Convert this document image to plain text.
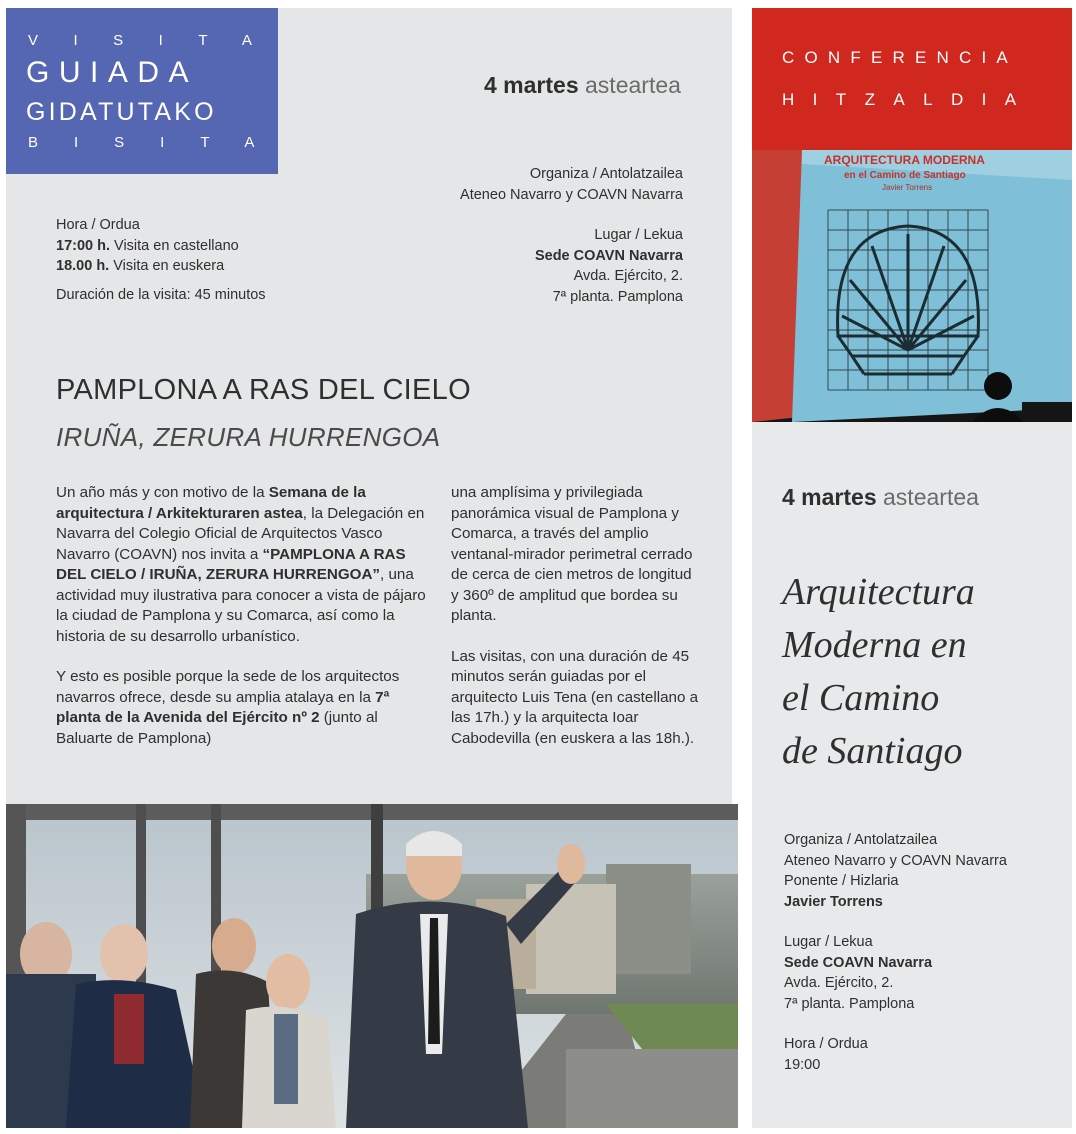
VISITA
GUIADA
GIDATUTAKO
BISITA
4 martes asteartea
Organiza / Antolatzailea
Ateneo Navarro y COAVN Navarra
Lugar / Lekua
Sede COAVN Navarra
Avda. Ejército, 2.
7ª planta. Pamplona
Hora / Ordua
17:00 h. Visita en castellano
18.00 h. Visita en euskera
Duración de la visita: 45 minutos
PAMPLONA A RAS DEL CIELO
IRUÑA, ZERURA HURRENGOA

Un año más y con motivo de la Semana de la arquitectura / Arkitekturaren astea, la Delegación en Navarra del Colegio Oficial de Arquitectos Vasco Navarro (COAVN) nos invita a “PAMPLONA A RAS DEL CIELO / IRUÑA, ZERURA HURRENGOA”, una actividad muy ilustrativa para conocer a vista de pájaro la ciudad de Pamplona y su Comarca, así como la historia de su desarrollo urbanístico.

Y esto es posible porque la sede de los arquitectos navarros ofrece, desde su amplia atalaya en la 7ª planta de la Avenida del Ejército nº 2 (junto al Baluarte de Pamplona)

una amplísima y privilegiada panorámica visual de Pamplona y Comarca, a través del amplio ventanal-mirador perimetral cerrado de cerca de cien metros de longitud y 360º de amplitud que bordea su planta.

Las visitas, con una duración de 45 minutos serán guiadas por el arquitecto Luis Tena (en castellano a las 17h.) y la arquitecta Ioar Cabodevilla (en euskera a las 18h.).

CONFERENCIA
HITZALDIA
ARQUITECTURA MODERNA
en el Camino de Santiago
Javier Torrens
4 martes asteartea
Arquitectura
Moderna en
el Camino
de Santiago
Organiza / Antolatzailea
Ateneo Navarro y COAVN Navarra
Ponente / Hizlaria
Javier Torrens
Lugar / Lekua
Sede COAVN Navarra
Avda. Ejército, 2.
7ª planta. Pamplona
Hora / Ordua
19:00
